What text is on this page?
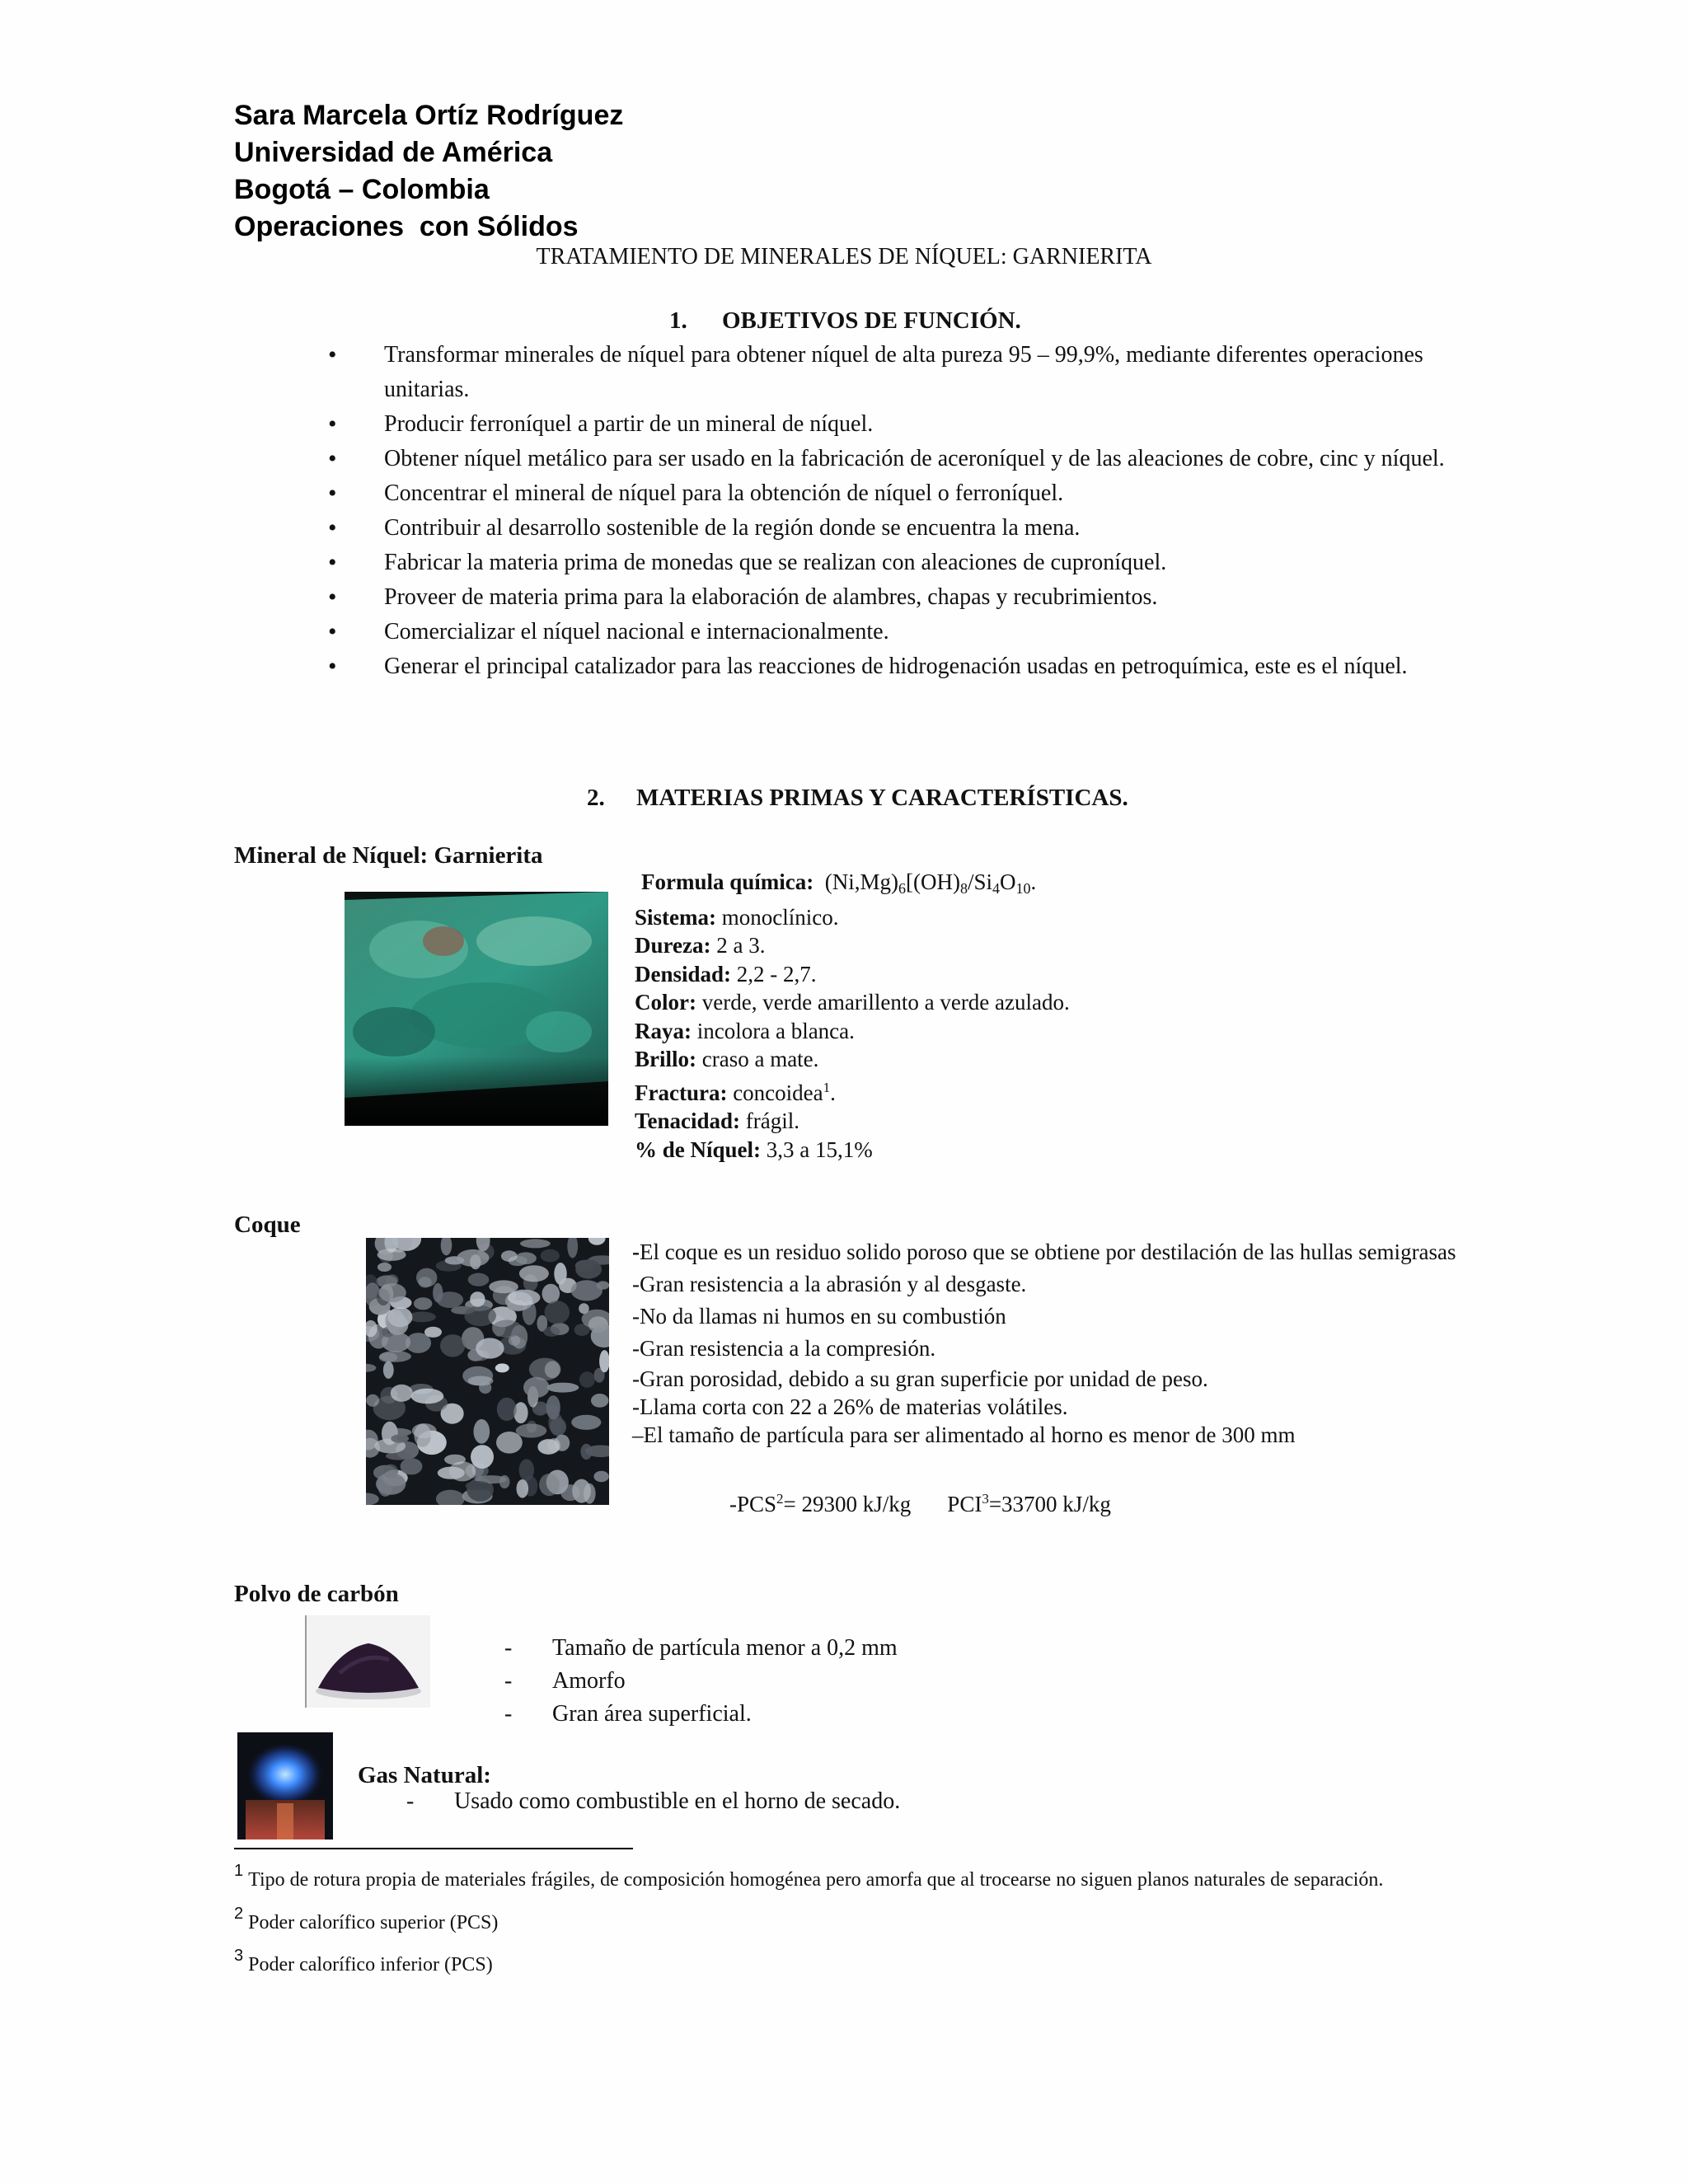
Sara Marcela Ortíz Rodríguez
Universidad de América
Bogotá – Colombia
Operaciones  con Sólidos
TRATAMIENTO DE MINERALES DE NÍQUEL: GARNIERITA
1. OBJETIVOS DE FUNCIÓN.
• Transformar minerales de níquel para obtener níquel de alta pureza 95 – 99,9%, mediante diferentes operaciones unitarias.
• Producir ferroníquel a partir de un mineral de níquel.
• Obtener níquel metálico para ser usado en la fabricación de aceroníquel y de las aleaciones de cobre, cinc y níquel.
• Concentrar el mineral de níquel para la obtención de níquel o ferroníquel.
• Contribuir al desarrollo sostenible de la región donde se encuentra la mena.
• Fabricar la materia prima de monedas que se realizan con aleaciones de cuproníquel.
• Proveer de materia prima para la elaboración de alambres, chapas y recubrimientos.
• Comercializar el níquel nacional e internacionalmente.
• Generar el principal catalizador para las reacciones de hidrogenación usadas en petroquímica, este es el níquel.
2. MATERIAS PRIMAS Y CARACTERÍSTICAS.
Mineral de Níquel: Garnierita
Formula química: $(Ni,Mg)_6[(OH)_8/Si_4O_{10}$.
Sistema: monoclínico.
Dureza: 2 a 3.
Densidad: 2,2 - 2,7.
Color: verde, verde amarillento a verde azulado.
Raya: incolora a blanca.
Brillo: craso a mate.
Fractura: concoidea$^1$.
Tenacidad: frágil.
% de Níquel: 3,3 a 15,1%
Coque
-El coque es un residuo solido poroso que se obtiene por destilación de las hullas semigrasas
-Gran resistencia a la abrasión y al desgaste.
-No da llamas ni humos en su combustión
-Gran resistencia a la compresión.
-Gran porosidad, debido a su gran superficie por unidad de peso.
-Llama corta con 22 a 26% de materias volátiles.
–El tamaño de partícula para ser alimentado al horno es menor de 300 mm
$-PCS^2= 29300$ kJ/kg $PCI^3=33700$ kJ/kg
Polvo de carbón
- Tamaño de partícula menor a 0,2 mm
- Amorfo
- Gran área superficial.
Gas Natural:
- Usado como combustible en el horno de secado.
$^1$ Tipo de rotura propia de materiales frágiles, de composición homogénea pero amorfa que al trocearse no siguen planos naturales de separación.
$^2$ Poder calorífico superior (PCS)
$^3$ Poder calorífico inferior (PCS)
